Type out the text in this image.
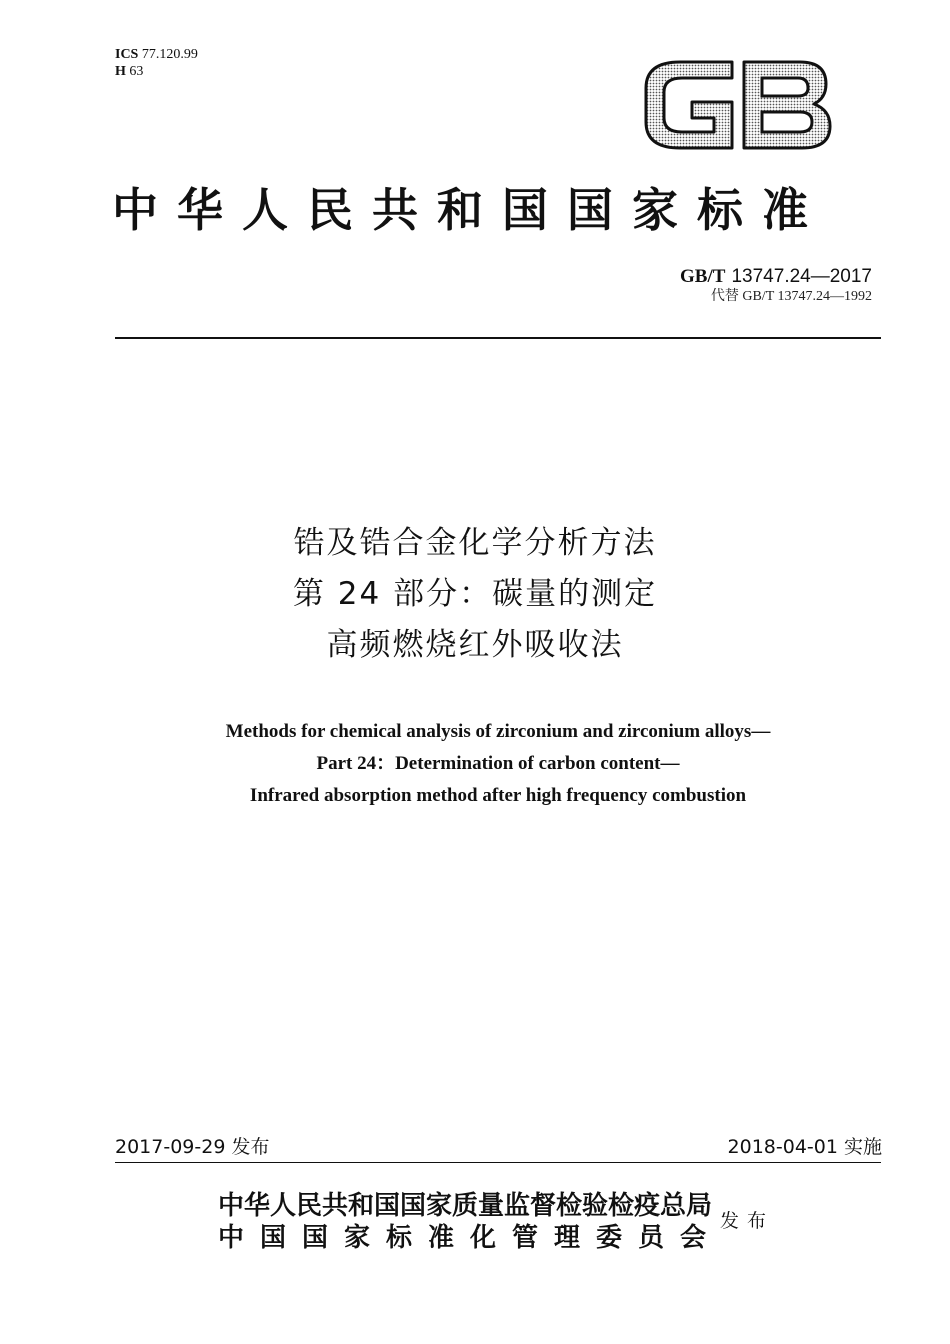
ICS 77.120.99
H 63
中华人民共和国国家标准
GB/T 13747.24—2017
代替 GB/T 13747.24—1992
锆及锆合金化学分析方法
第 24 部分：碳量的测定
高频燃烧红外吸收法
Methods for chemical analysis of zirconium and zirconium alloys—
Part 24：Determination of carbon content—
Infrared absorption method after high frequency combustion
2017-09-29 发布	2018-04-01 实施
中华人民共和国国家质量监督检验检疫总局
中国国家标准化管理委员会
发布
